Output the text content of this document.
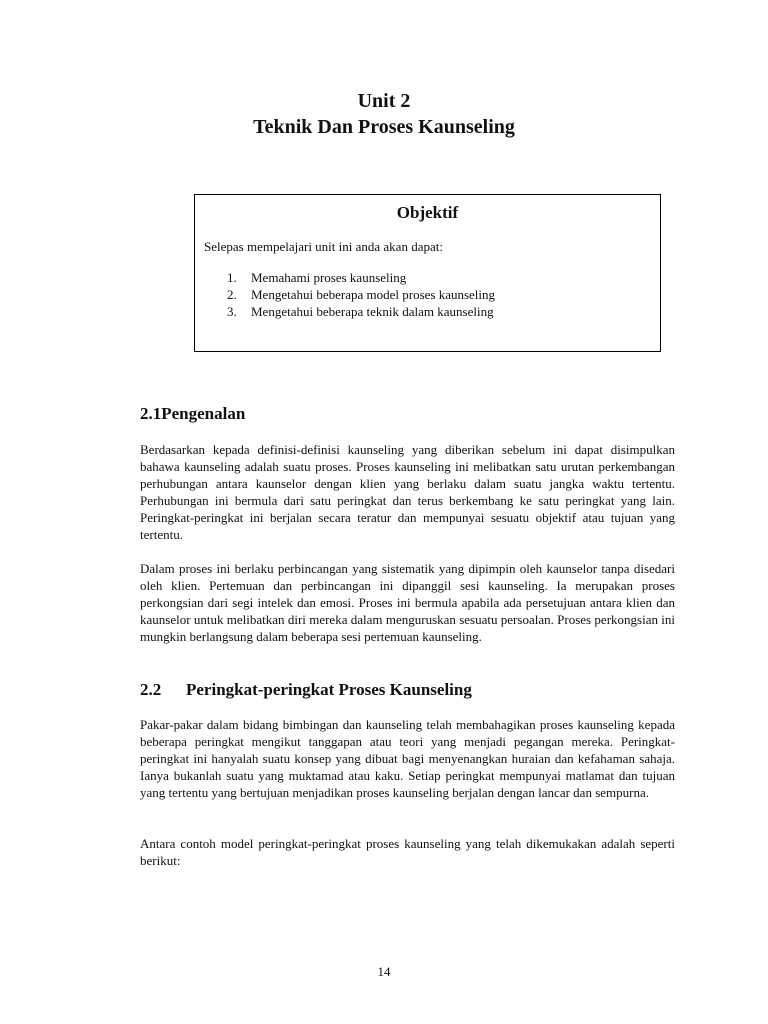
Unit 2
Teknik Dan Proses Kaunseling
Objektif
Selepas mempelajari unit ini anda akan dapat:
1. Memahami proses kaunseling
2. Mengetahui beberapa model proses kaunseling
3. Mengetahui beberapa teknik dalam kaunseling
2.1Pengenalan

Berdasarkan kepada definisi-definisi kaunseling yang diberikan sebelum ini dapat disimpulkan bahawa kaunseling adalah suatu proses. Proses kaunseling ini melibatkan satu urutan perkembangan perhubungan antara kaunselor dengan klien yang berlaku dalam suatu jangka waktu tertentu. Perhubungan ini bermula dari satu peringkat dan terus berkembang ke satu peringkat yang lain. Peringkat-peringkat ini berjalan secara teratur dan mempunyai sesuatu objektif atau tujuan yang tertentu.

Dalam proses ini berlaku perbincangan yang sistematik yang dipimpin oleh kaunselor tanpa disedari oleh klien. Pertemuan dan perbincangan ini dipanggil sesi kaunseling. Ia merupakan proses perkongsian dari segi intelek dan emosi. Proses ini bermula apabila ada persetujuan antara klien dan kaunselor untuk melibatkan diri mereka dalam menguruskan sesuatu persoalan. Proses perkongsian ini mungkin berlangsung dalam beberapa sesi pertemuan kaunseling.

2.2 Peringkat-peringkat Proses Kaunseling

Pakar-pakar dalam bidang bimbingan dan kaunseling telah membahagikan proses kaunseling kepada beberapa peringkat mengikut tanggapan atau teori yang menjadi pegangan mereka. Peringkat-peringkat ini hanyalah suatu konsep yang dibuat bagi menyenangkan huraian dan kefahaman sahaja. Ianya bukanlah suatu yang muktamad atau kaku. Setiap peringkat mempunyai matlamat dan tujuan yang tertentu yang bertujuan menjadikan proses kaunseling berjalan dengan lancar dan sempurna.

Antara contoh model peringkat-peringkat proses kaunseling yang telah dikemukakan adalah seperti berikut:

14
